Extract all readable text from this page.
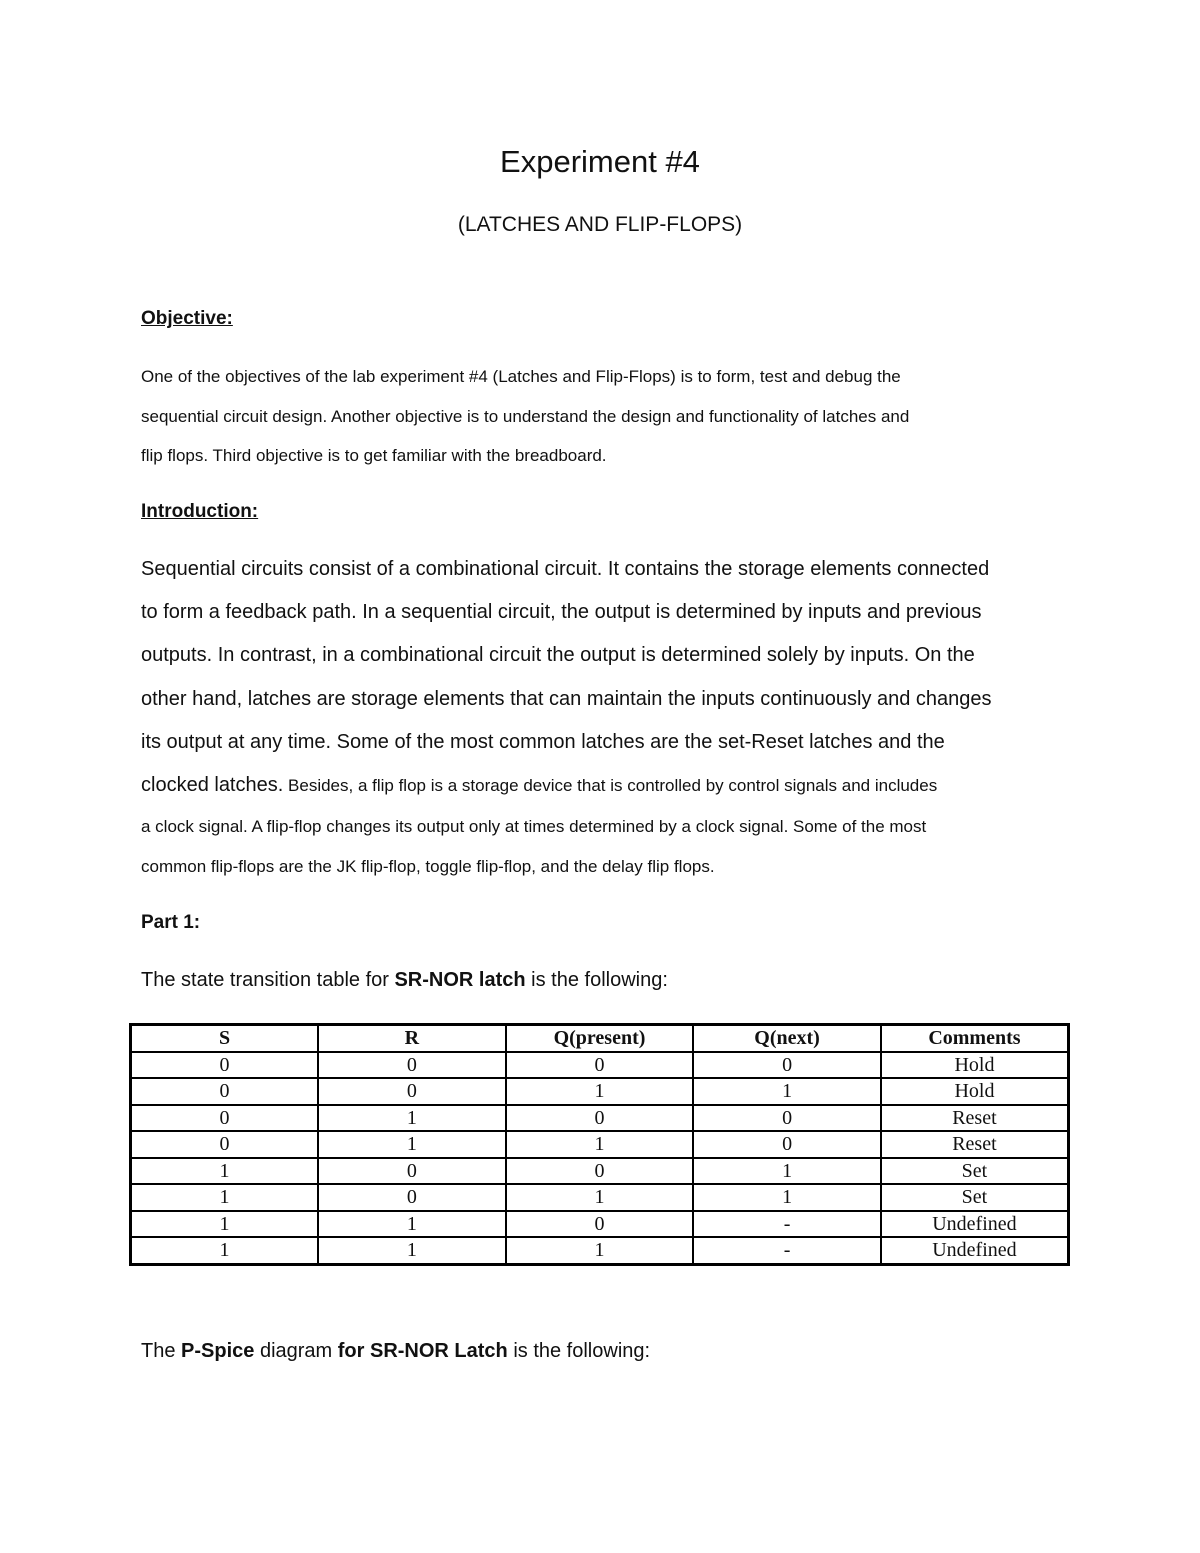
Experiment #4
(LATCHES AND FLIP-FLOPS)
Objective:
One of the objectives of the lab experiment #4 (Latches and Flip-Flops) is to form, test and debug the
sequential circuit design. Another objective is to understand the design and functionality of latches and
flip flops. Third objective is to get familiar with the breadboard.
Introduction:
Sequential circuits consist of a combinational circuit. It contains the storage elements connected
to form a feedback path. In a sequential circuit, the output is determined by inputs and previous
outputs. In contrast, in a combinational circuit the output is determined solely by inputs. On the
other hand, latches are storage elements that can maintain the inputs continuously and changes
its output at any time. Some of the most common latches are the set-Reset latches and the
clocked latches. Besides, a flip flop is a storage device that is controlled by control signals and includes
a clock signal. A flip-flop changes its output only at times determined by a clock signal. Some of the most
common flip-flops are the JK flip-flop, toggle flip-flop, and the delay flip flops.
Part 1:
The state transition table for SR-NOR latch is the following:
S	R	Q(present)	Q(next)	Comments
0	0	0	0	Hold
0	0	1	1	Hold
0	1	0	0	Reset
0	1	1	0	Reset
1	0	0	1	Set
1	0	1	1	Set
1	1	0	-	Undefined
1	1	1	-	Undefined
The P-Spice diagram for SR-NOR Latch is the following:
